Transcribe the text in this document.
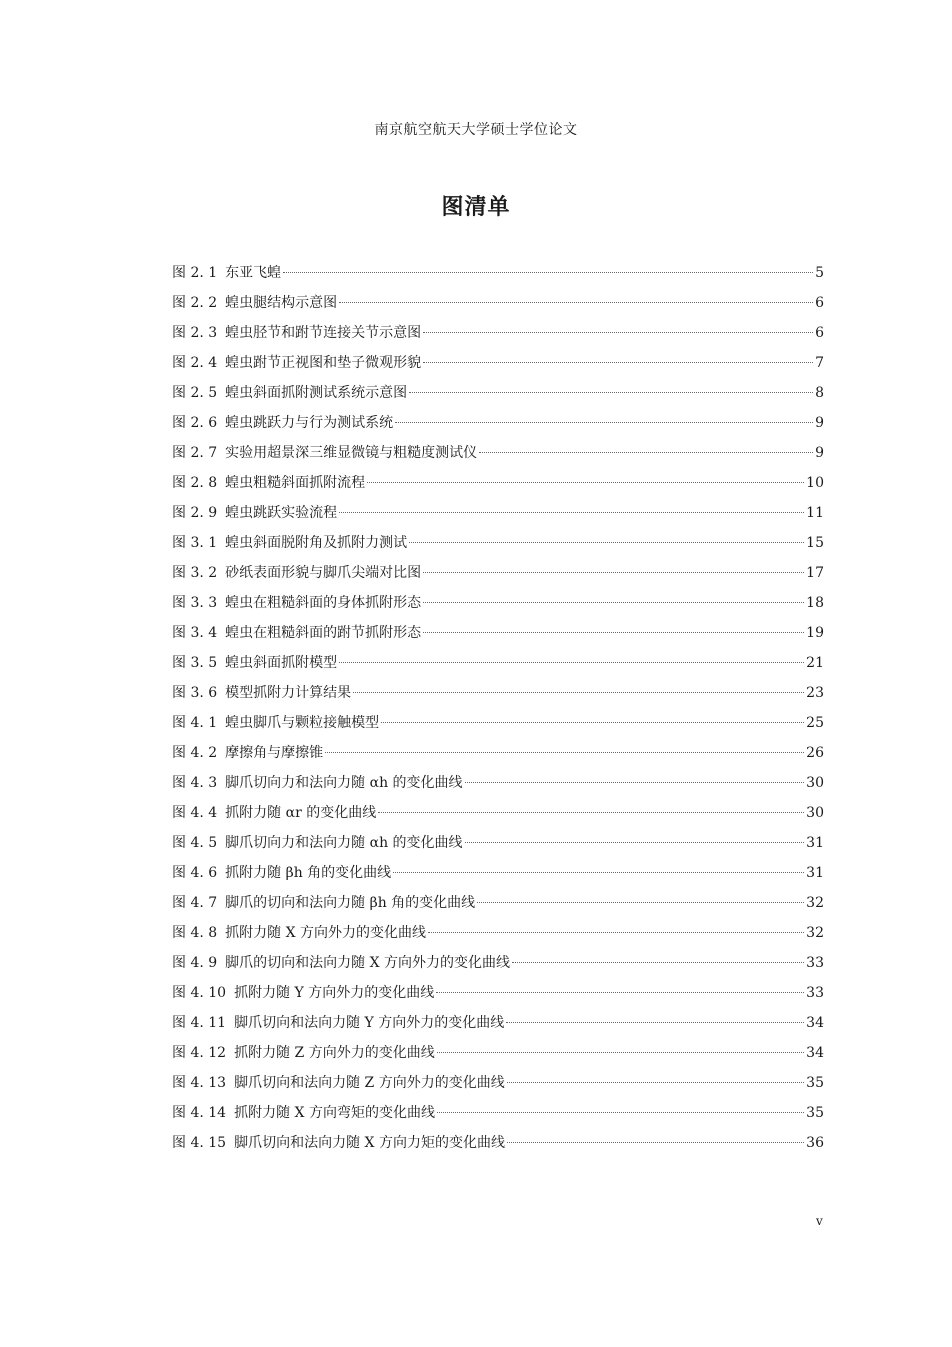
南京航空航天大学硕士学位论文
图清单
图 2. 1 东亚飞蝗	5
图 2. 2 蝗虫腿结构示意图	6
图 2. 3 蝗虫胫节和跗节连接关节示意图	6
图 2. 4 蝗虫跗节正视图和垫子微观形貌	7
图 2. 5 蝗虫斜面抓附测试系统示意图	8
图 2. 6 蝗虫跳跃力与行为测试系统	9
图 2. 7 实验用超景深三维显微镜与粗糙度测试仪	9
图 2. 8 蝗虫粗糙斜面抓附流程	10
图 2. 9 蝗虫跳跃实验流程	11
图 3. 1 蝗虫斜面脱附角及抓附力测试	15
图 3. 2 砂纸表面形貌与脚爪尖端对比图	17
图 3. 3 蝗虫在粗糙斜面的身体抓附形态	18
图 3. 4 蝗虫在粗糙斜面的跗节抓附形态	19
图 3. 5 蝗虫斜面抓附模型	21
图 3. 6 模型抓附力计算结果	23
图 4. 1 蝗虫脚爪与颗粒接触模型	25
图 4. 2 摩擦角与摩擦锥	26
图 4. 3 脚爪切向力和法向力随 αh 的变化曲线	30
图 4. 4 抓附力随 αr 的变化曲线	30
图 4. 5 脚爪切向力和法向力随 αh 的变化曲线	31
图 4. 6 抓附力随 βh 角的变化曲线	31
图 4. 7 脚爪的切向和法向力随 βh 角的变化曲线	32
图 4. 8 抓附力随 X 方向外力的变化曲线	32
图 4. 9 脚爪的切向和法向力随 X 方向外力的变化曲线	33
图 4. 10 抓附力随 Y 方向外力的变化曲线	33
图 4. 11 脚爪切向和法向力随 Y 方向外力的变化曲线	34
图 4. 12 抓附力随 Z 方向外力的变化曲线	34
图 4. 13 脚爪切向和法向力随 Z 方向外力的变化曲线	35
图 4. 14 抓附力随 X 方向弯矩的变化曲线	35
图 4. 15 脚爪切向和法向力随 X 方向力矩的变化曲线	36
v
